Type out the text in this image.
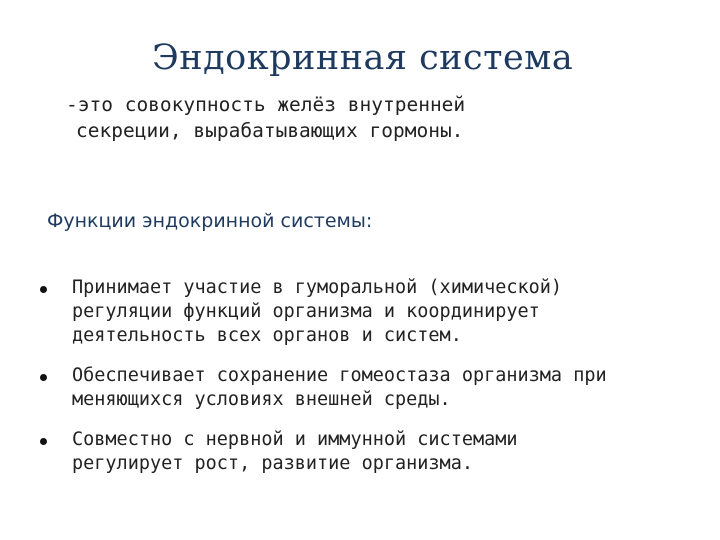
Эндокринная система
-это совокупность желёз внутренней
секреции, вырабатывающих гормоны.
Функции эндокринной системы:
Принимает участие в гуморальной (химической)
регуляции функций организма и координирует
деятельность всех органов и систем.
Обеспечивает сохранение гомеостаза организма при
меняющихся условиях внешней среды.
Совместно с нервной и иммунной системами
регулирует рост, развитие организма.
